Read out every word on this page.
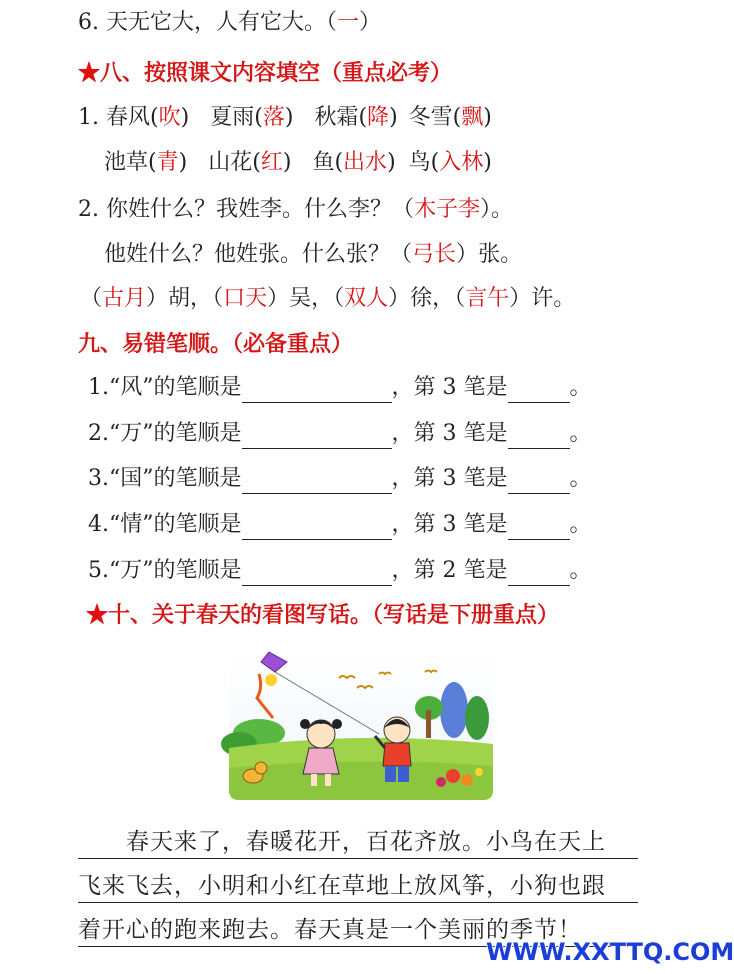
6. 天无它大，人有它大。（一）
★八、按照课文内容填空（重点必考）
1. 春风(吹) 夏雨(落) 秋霜(降) 冬雪(飘)
池草(青) 山花(红) 鱼(出水) 鸟(入林)
2. 你姓什么？我姓李。什么李？（木子李）。
他姓什么？他姓张。什么张？（弓长）张。
（古月）胡，（口天）吴，（双人）徐，（言午）许。
九、易错笔顺。（必备重点）
1.“风”的笔顺是	，第 3 笔是	。
2.“万”的笔顺是	，第 3 笔是	。
3.“国”的笔顺是	，第 3 笔是	。
4.“情”的笔顺是	，第 3 笔是	。
5.“万”的笔顺是	，第 2 笔是	。
★十、关于春天的看图写话。（写话是下册重点）
春天来了，春暖花开，百花齐放。小鸟在天上
飞来飞去，小明和小红在草地上放风筝，小狗也跟
着开心的跑来跑去。春天真是一个美丽的季节！
WWW.XXTTQ.COM
